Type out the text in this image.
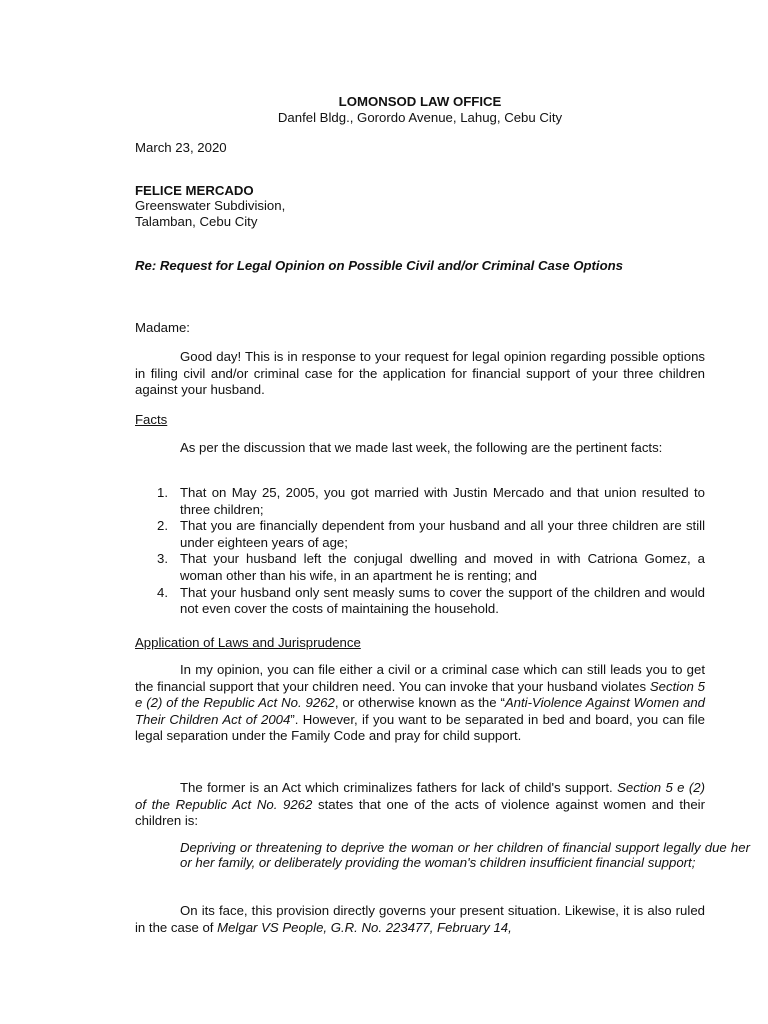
LOMONSOD LAW OFFICE
Danfel Bldg., Gorordo Avenue, Lahug, Cebu City
March 23, 2020
FELICE MERCADO
Greenswater Subdivision,
Talamban, Cebu City
Re: Request for Legal Opinion on Possible Civil and/or Criminal Case Options
Madame:
Good day! This is in response to your request for legal opinion regarding possible options in filing civil and/or criminal case for the application for financial support of your three children against your husband.
Facts
As per the discussion that we made last week, the following are the pertinent facts:
1. That on May 25, 2005, you got married with Justin Mercado and that union resulted to three children;
2. That you are financially dependent from your husband and all your three children are still under eighteen years of age;
3. That your husband left the conjugal dwelling and moved in with Catriona Gomez, a woman other than his wife, in an apartment he is renting; and
4. That your husband only sent measly sums to cover the support of the children and would not even cover the costs of maintaining the household.
Application of Laws and Jurisprudence
In my opinion, you can file either a civil or a criminal case which can still leads you to get the financial support that your children need. You can invoke that your husband violates Section 5 e (2) of the Republic Act No. 9262, or otherwise known as the “Anti-Violence Against Women and Their Children Act of 2004”. However, if you want to be separated in bed and board, you can file legal separation under the Family Code and pray for child support.
The former is an Act which criminalizes fathers for lack of child's support. Section 5 e (2) of the Republic Act No. 9262 states that one of the acts of violence against women and their children is:
Depriving or threatening to deprive the woman or her children of financial support legally due her or her family, or deliberately providing the woman's children insufficient financial support;
On its face, this provision directly governs your present situation. Likewise, it is also ruled in the case of Melgar VS People, G.R. No. 223477, February 14,
